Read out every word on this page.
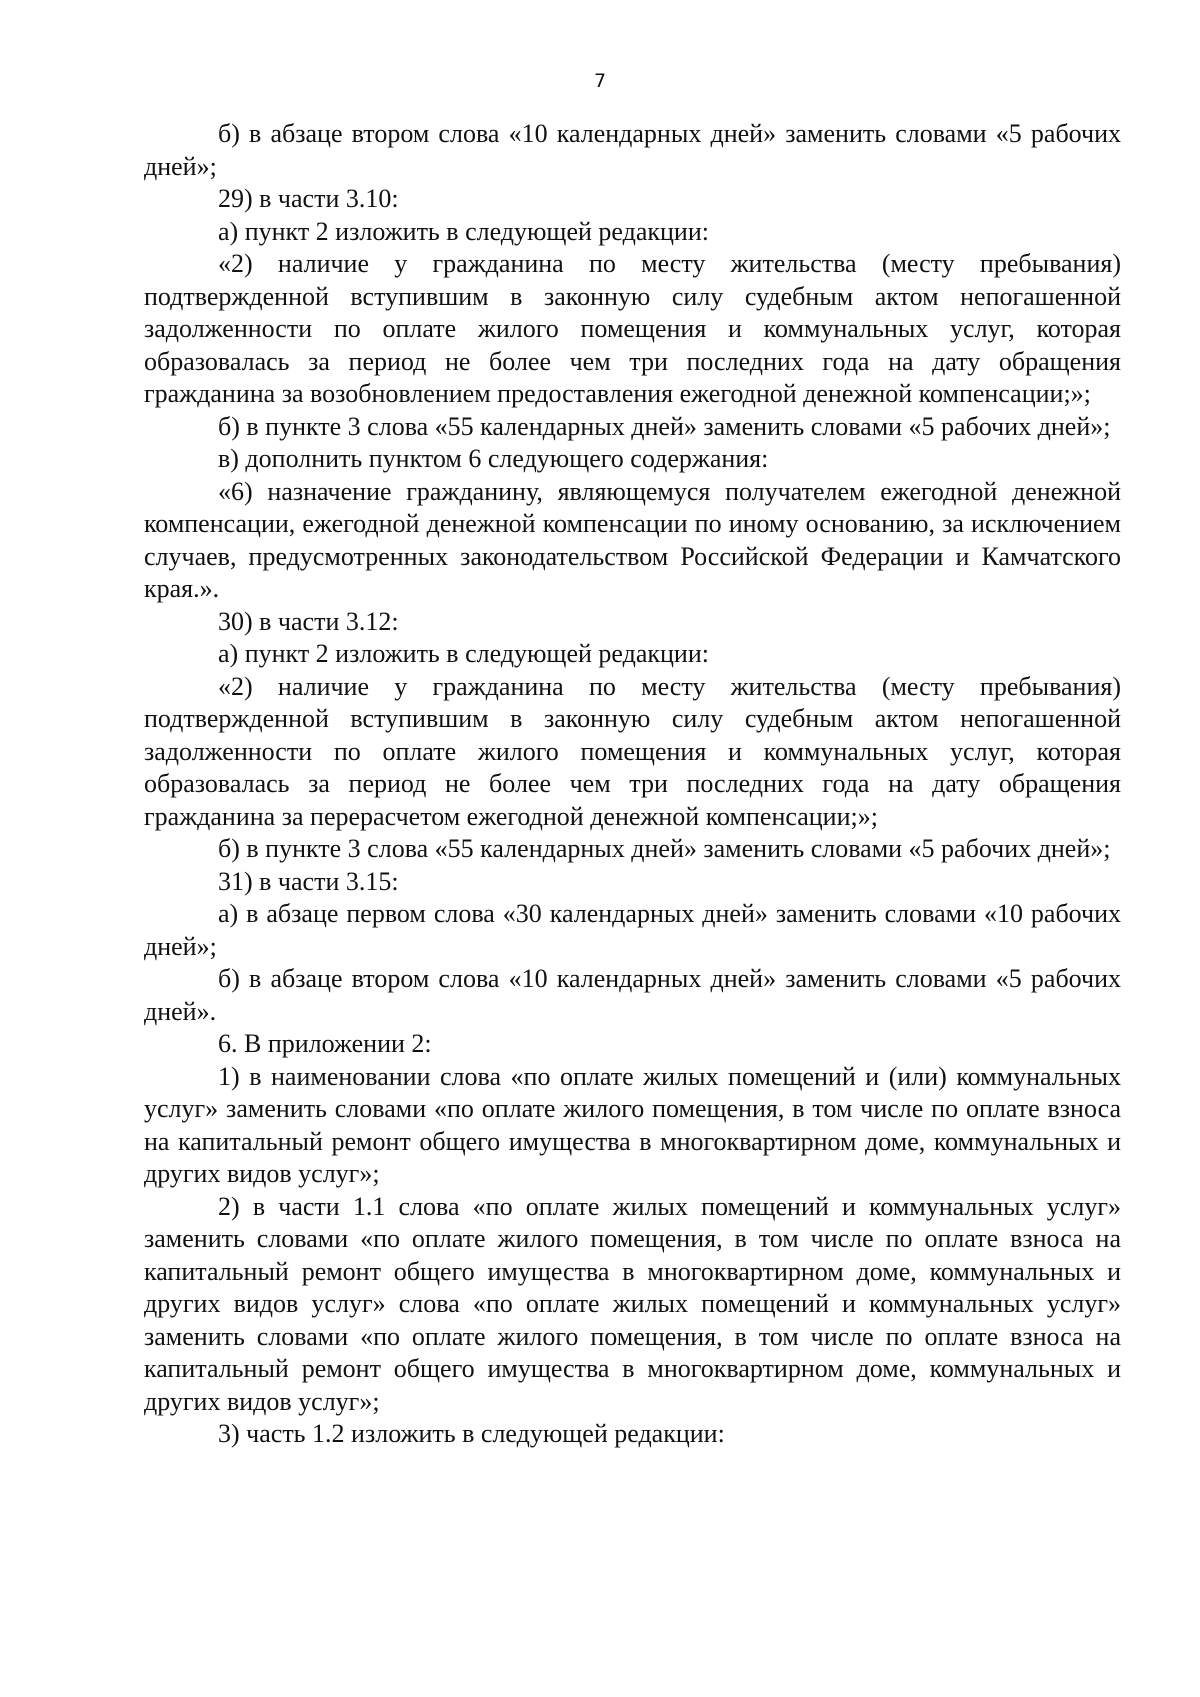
7

б) в абзаце втором слова «10 календарных дней» заменить словами «5 рабочих дней»;

29) в части 3.10:

а) пункт 2 изложить в следующей редакции:

«2) наличие у гражданина по месту жительства (месту пребывания) подтвержденной вступившим в законную силу судебным актом непогашенной задолженности по оплате жилого помещения и коммунальных услуг, которая образовалась за период не более чем три последних года на дату обращения гражданина за возобновлением предоставления ежегодной денежной компенсации;»;

б) в пункте 3 слова «55 календарных дней» заменить словами «5 рабочих дней»;

в) дополнить пунктом 6 следующего содержания:

«6) назначение гражданину, являющемуся получателем ежегодной денежной компенсации, ежегодной денежной компенсации по иному основанию, за исключением случаев, предусмотренных законодательством Российской Федерации и Камчатского края.».

30) в части 3.12:

а) пункт 2 изложить в следующей редакции:

«2) наличие у гражданина по месту жительства (месту пребывания) подтвержденной вступившим в законную силу судебным актом непогашенной задолженности по оплате жилого помещения и коммунальных услуг, которая образовалась за период не более чем три последних года на дату обращения гражданина за перерасчетом ежегодной денежной компенсации;»;

б) в пункте 3 слова «55 календарных дней» заменить словами «5 рабочих дней»;

31) в части 3.15:

а) в абзаце первом слова «30 календарных дней» заменить словами «10 рабочих дней»;

б) в абзаце втором слова «10 календарных дней» заменить словами «5 рабочих дней».

6. В приложении 2:

1) в наименовании слова «по оплате жилых помещений и (или) коммунальных услуг» заменить словами «по оплате жилого помещения, в том числе по оплате взноса на капитальный ремонт общего имущества в многоквартирном доме, коммунальных и других видов услуг»;

2) в части 1.1 слова «по оплате жилых помещений и коммунальных услуг» заменить словами «по оплате жилого помещения, в том числе по оплате взноса на капитальный ремонт общего имущества в многоквартирном доме, коммунальных и других видов услуг» слова «по оплате жилых помещений и коммунальных услуг» заменить словами «по оплате жилого помещения, в том числе по оплате взноса на капитальный ремонт общего имущества в многоквартирном доме, коммунальных и других видов услуг»;

3) часть 1.2 изложить в следующей редакции:
